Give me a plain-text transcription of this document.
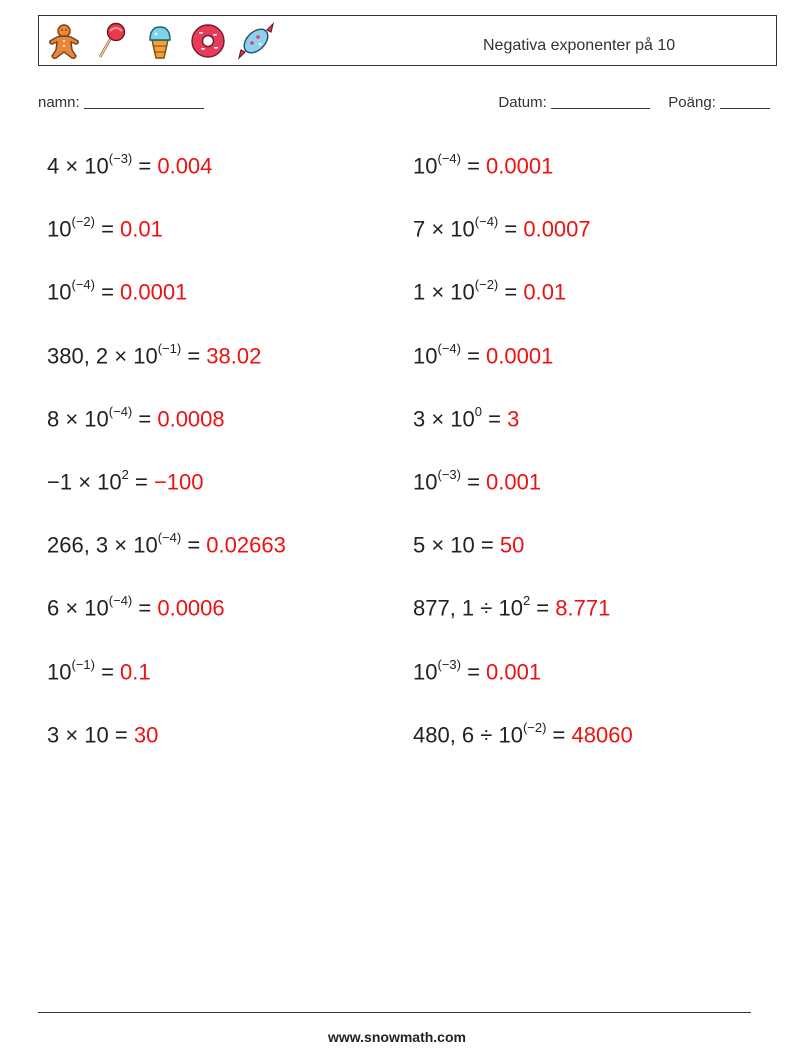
Negativa exponenter på 10
namn:	Datum:	Poäng:
$4 \times 10^{(-3)} = 0.004$	$10^{(-4)} = 0.0001$
$10^{(-2)} = 0.01$	$7 \times 10^{(-4)} = 0.0007$
$10^{(-4)} = 0.0001$	$1 \times 10^{(-2)} = 0.01$
380, $2 \times 10^{(-1)} = 38.02$	$10^{(-4)} = 0.0001$
$8 \times 10^{(-4)} = 0.0008$	$3 \times 10^0 = 3$
$-1 \times 10^2 = -100$	$10^{(-3)} = 0.001$
266, $3 \times 10^{(-4)} = 0.02663$	5 × 10 = 50
$6 \times 10^{(-4)} = 0.0006$	877, $1 \div 10^2 = 8.771$
$10^{(-1)} = 0.1$	$10^{(-3)} = 0.001$
3 × 10 = 30	480, $6 \div 10^{(-2)} = 48060$
www.snowmath.com
